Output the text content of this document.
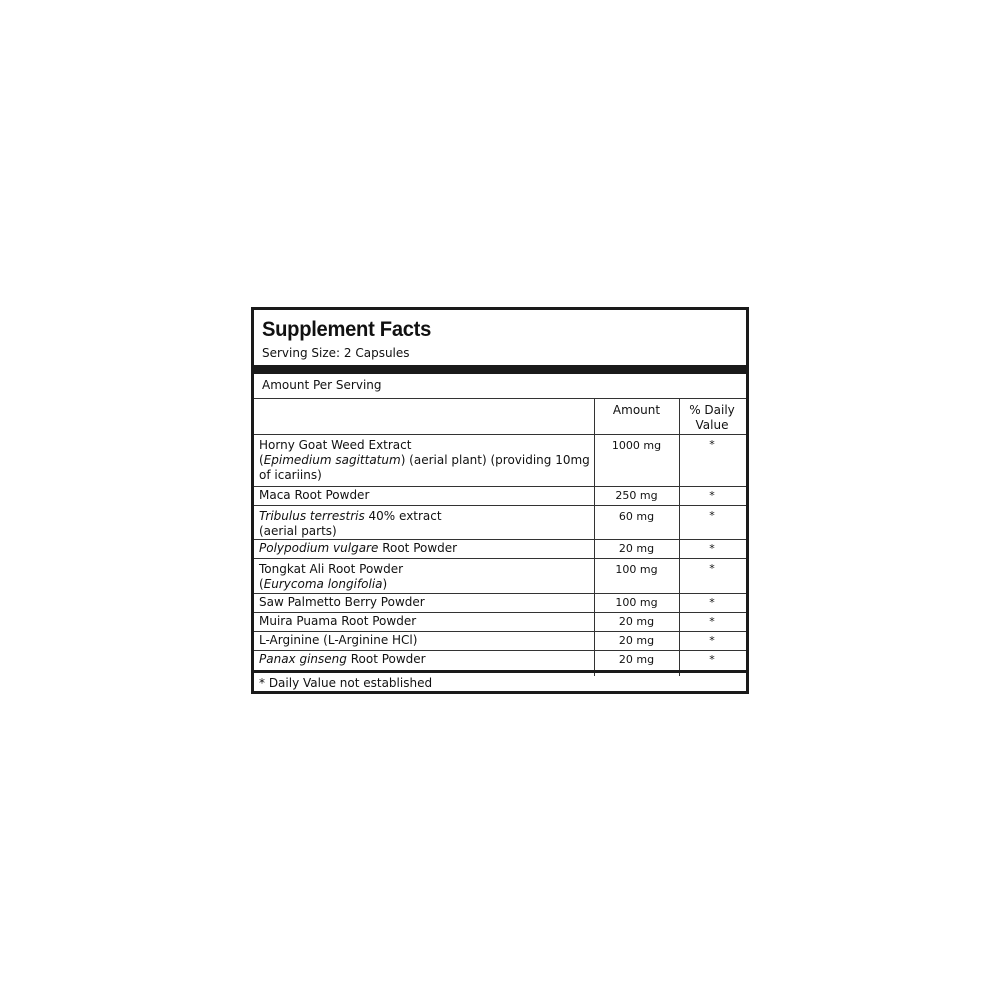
Supplement Facts
Serving Size: 2 Capsules
Amount Per Serving
Amount	% Daily
Value
Horny Goat Weed Extract
(Epimedium sagittatum) (aerial plant) (providing 10mg of icariins)
1000 mg	*
Maca Root Powder	250 mg	*
Tribulus terrestris 40% extract
(aerial parts)
60 mg	*
Polypodium vulgare Root Powder	20 mg	*
Tongkat Ali Root Powder
(Eurycoma longifolia)
100 mg	*
Saw Palmetto Berry Powder	100 mg	*
Muira Puama Root Powder	20 mg	*
L-Arginine (L-Arginine HCl)	20 mg	*
Panax ginseng Root Powder	20 mg	*
* Daily Value not established
